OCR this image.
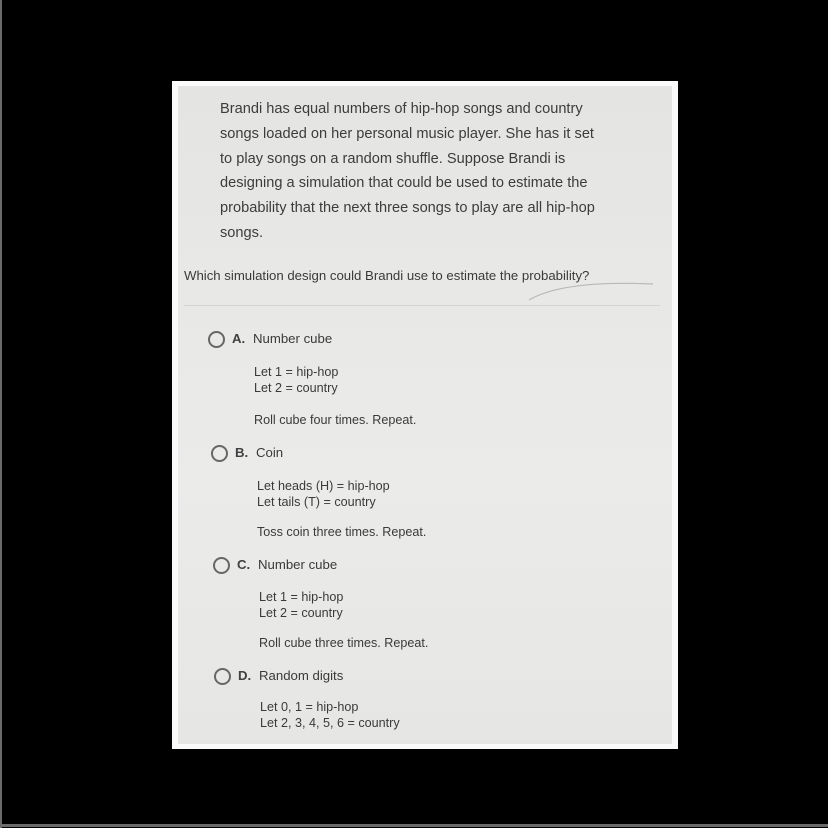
Brandi has equal numbers of hip-hop songs and country
songs loaded on her personal music player. She has it set
to play songs on a random shuffle. Suppose Brandi is
designing a simulation that could be used to estimate the
probability that the next three songs to play are all hip-hop
songs.

Which simulation design could Brandi use to estimate the probability?

A. Number cube
Let 1 = hip-hop
Let 2 = country
Roll cube four times. Repeat.
B. Coin
Let heads (H) = hip-hop
Let tails (T) = country
Toss coin three times. Repeat.
C. Number cube
Let 1 = hip-hop
Let 2 = country
Roll cube three times. Repeat.
D. Random digits
Let 0, 1 = hip-hop
Let 2, 3, 4, 5, 6 = country
